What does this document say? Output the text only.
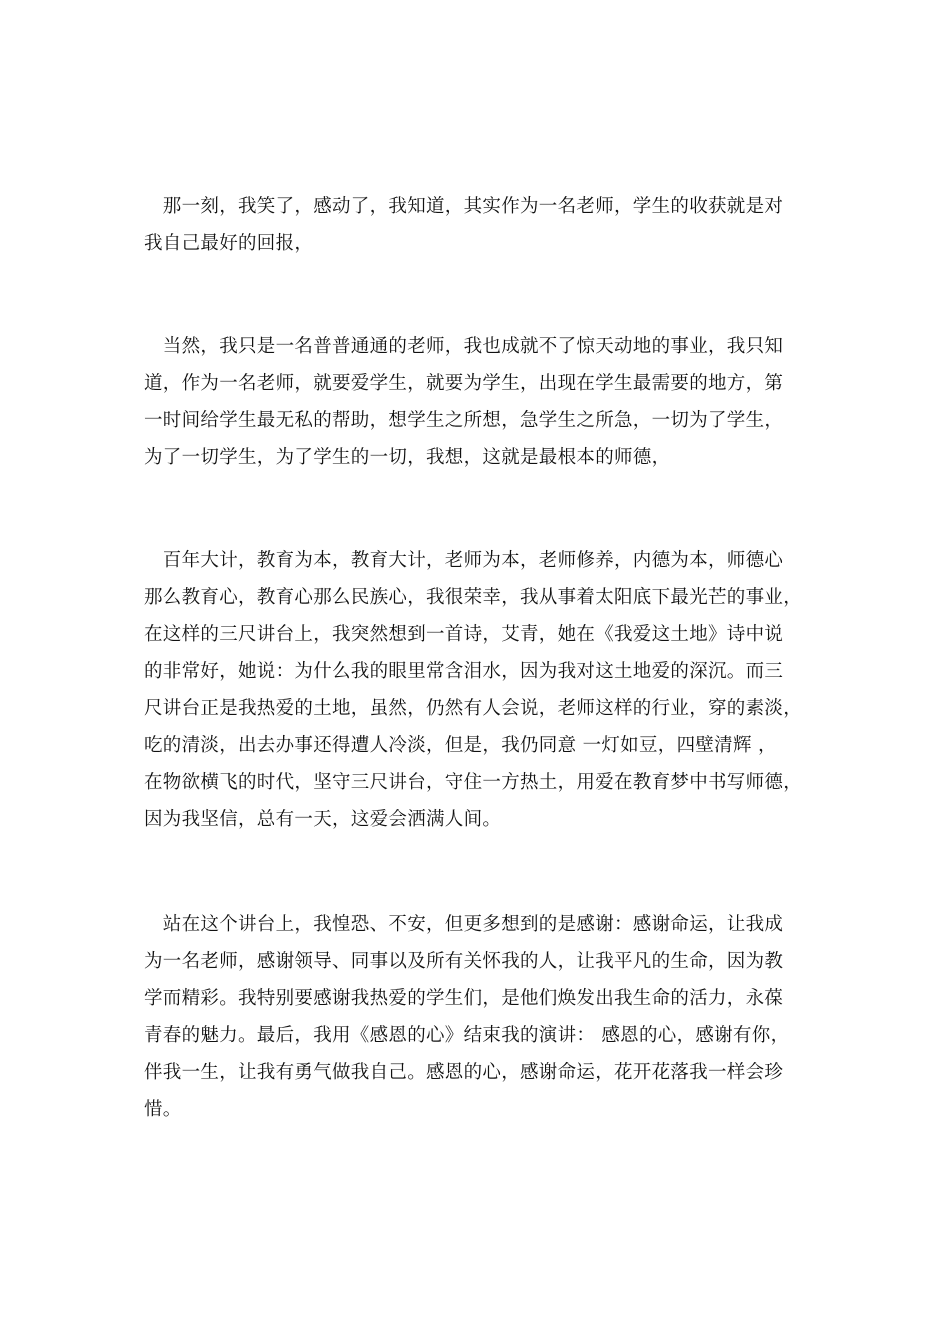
　那一刻，我笑了，感动了，我知道，其实作为一名老师，学生的收获就是对
我自己最好的回报，

　当然，我只是一名普普通通的老师，我也成就不了惊天动地的事业，我只知
道，作为一名老师，就要爱学生，就要为学生，出现在学生最需要的地方，第
一时间给学生最无私的帮助，想学生之所想，急学生之所急，一切为了学生，
为了一切学生，为了学生的一切，我想，这就是最根本的师德，

　百年大计，教育为本，教育大计，老师为本，老师修养，内德为本，师德心
那么教育心，教育心那么民族心，我很荣幸，我从事着太阳底下最光芒的事业，
在这样的三尺讲台上，我突然想到一首诗，艾青，她在《我爱这土地》诗中说
的非常好，她说：为什么我的眼里常含泪水，因为我对这土地爱的深沉。而三
尺讲台正是我热爱的土地，虽然，仍然有人会说，老师这样的行业，穿的素淡，
吃的清淡，出去办事还得遭人冷淡，但是，我仍同意 一灯如豆，四壁清辉 ，
在物欲横飞的时代，坚守三尺讲台，守住一方热土，用爱在教育梦中书写师德，
因为我坚信，总有一天，这爱会洒满人间。

　站在这个讲台上，我惶恐、不安，但更多想到的是感谢：感谢命运，让我成
为一名老师，感谢领导、同事以及所有关怀我的人，让我平凡的生命，因为教
学而精彩。我特别要感谢我热爱的学生们，是他们焕发出我生命的活力，永葆
青春的魅力。最后，我用《感恩的心》结束我的演讲： 感恩的心，感谢有你，
伴我一生，让我有勇气做我自己。感恩的心，感谢命运，花开花落我一样会珍
惜。
